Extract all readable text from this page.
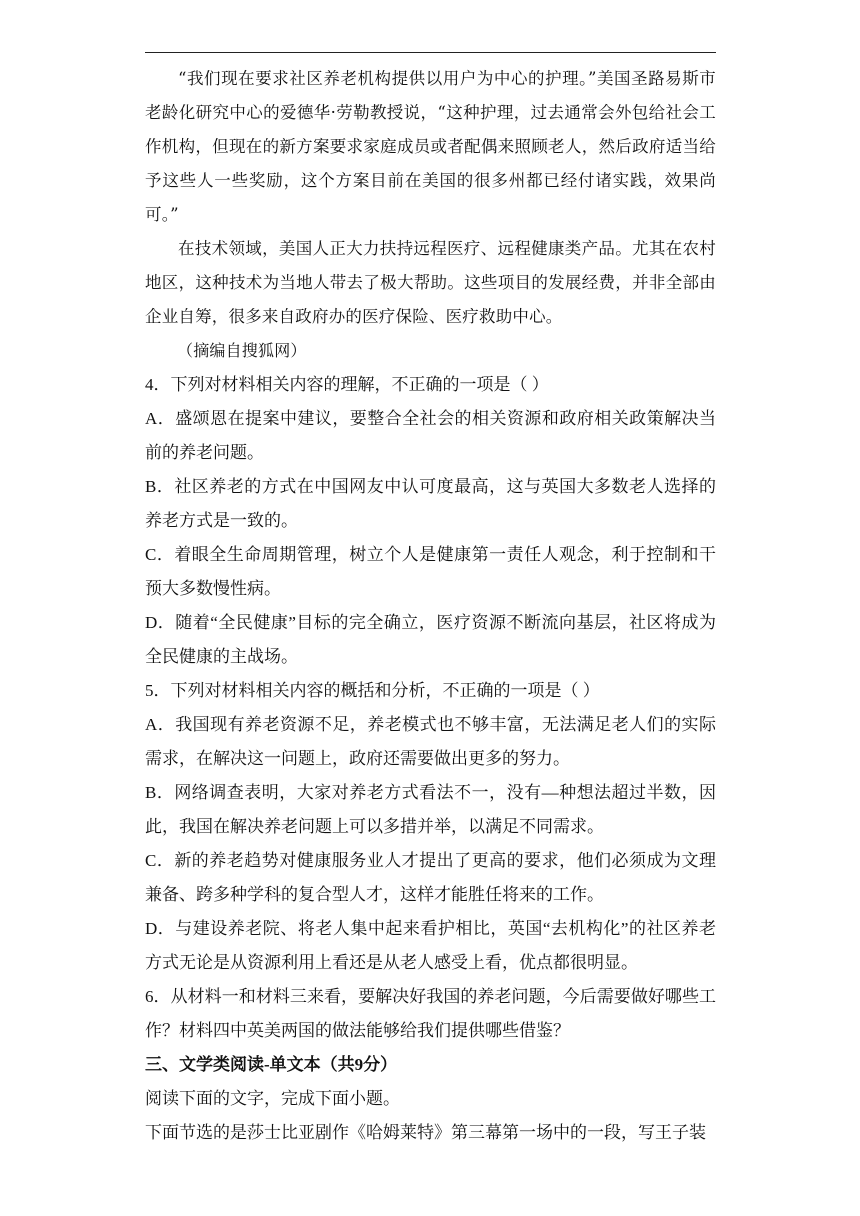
“我们现在要求社区养老机构提供以用户为中心的护理。”美国圣路易斯市老龄化研究中心的爱德华·劳勒教授说，“这种护理，过去通常会外包给社会工作机构，但现在的新方案要求家庭成员或者配偶来照顾老人，然后政府适当给予这些人一些奖励，这个方案目前在美国的很多州都已经付诸实践，效果尚可。”

在技术领域，美国人正大力扶持远程医疗、远程健康类产品。尤其在农村地区，这种技术为当地人带去了极大帮助。这些项目的发展经费，并非全部由企业自筹，很多来自政府办的医疗保险、医疗救助中心。

（摘编自搜狐网）

4．下列对材料相关内容的理解，不正确的一项是（ ）

A．盛颂恩在提案中建议，要整合全社会的相关资源和政府相关政策解决当前的养老问题。

B．社区养老的方式在中国网友中认可度最高，这与英国大多数老人选择的养老方式是一致的。

C．着眼全生命周期管理，树立个人是健康第一责任人观念，利于控制和干预大多数慢性病。

D．随着“全民健康”目标的完全确立，医疗资源不断流向基层，社区将成为全民健康的主战场。

5．下列对材料相关内容的概括和分析，不正确的一项是（ ）

A．我国现有养老资源不足，养老模式也不够丰富，无法满足老人们的实际需求，在解决这一问题上，政府还需要做出更多的努力。

B．网络调查表明，大家对养老方式看法不一，没有—种想法超过半数，因此，我国在解决养老问题上可以多措并举，以满足不同需求。

C．新的养老趋势对健康服务业人才提出了更高的要求，他们必须成为文理兼备、跨多种学科的复合型人才，这样才能胜任将来的工作。

D．与建设养老院、将老人集中起来看护相比，英国“去机构化”的社区养老方式无论是从资源利用上看还是从老人感受上看，优点都很明显。

6．从材料一和材料三来看，要解决好我国的养老问题，今后需要做好哪些工作？材料四中英美两国的做法能够给我们提供哪些借鉴？

三、文学类阅读-单文本（共9分）

阅读下面的文字，完成下面小题。

下面节选的是莎士比亚剧作《哈姆莱特》第三幕第一场中的一段，写王子装
